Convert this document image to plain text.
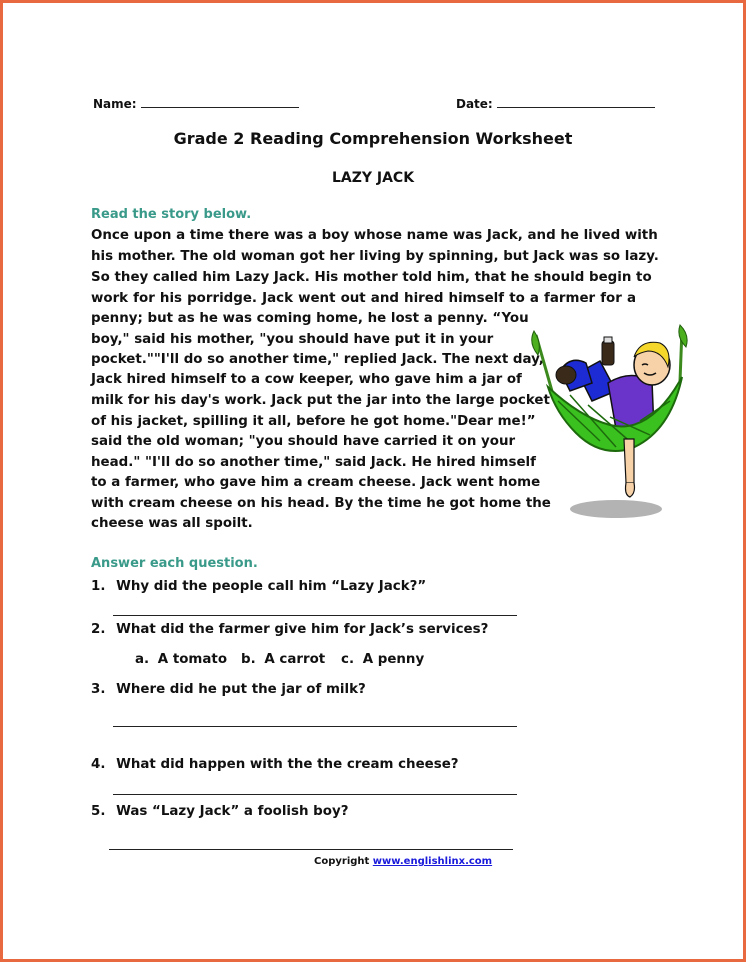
Name:	Date:
Grade 2 Reading Comprehension Worksheet
LAZY JACK
Read the story below.
Once upon a time there was a boy whose name was Jack, and he lived with
his mother. The old woman got her living by spinning, but Jack was so lazy.
So they called him Lazy Jack. His mother told him, that he should begin to
work for his porridge. Jack went out and hired himself to a farmer for a
penny; but as he was coming home, he lost a penny. “You
boy," said his mother, "you should have put it in your
pocket.""I'll do so another time," replied Jack. The next day,
Jack hired himself to a cow keeper, who gave him a jar of
milk for his day's work. Jack put the jar into the large pocket
of his jacket, spilling it all, before he got home."Dear me!”
said the old woman; "you should have carried it on your
head." "I'll do so another time," said Jack. He hired himself
to a farmer, who gave him a cream cheese. Jack went home
with cream cheese on his head. By the time he got home the
cheese was all spoilt.
Answer each question.
1. Why did the people call him “Lazy Jack?”
2. What did the farmer give him for Jack’s services?
a. A tomato b. A carrot c. A penny
3. Where did he put the jar of milk?
4. What did happen with the the cream cheese?
5. Was “Lazy Jack” a foolish boy?
Copyright www.englishlinx.com
